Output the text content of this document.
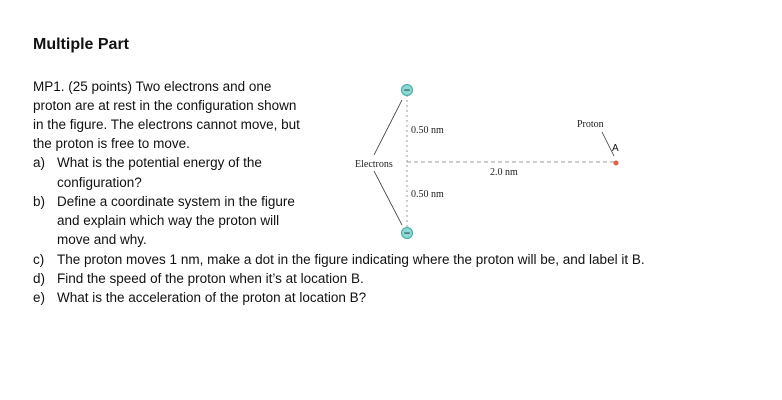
Multiple Part
MP1. (25 points) Two electrons and one
proton are at rest in the configuration shown
in the figure. The electrons cannot move, but
the proton is free to move.
a) What is the potential energy of the
configuration?
b) Define a coordinate system in the figure
and explain which way the proton will
move and why.
c) The proton moves 1 nm, make a dot in the figure indicating where the proton will be, and label it B.
d) Find the speed of the proton when it’s at location B.
e) What is the acceleration of the proton at location B?
−
−
0.50 nm
0.50 nm
2.0 nm
Electrons
Proton
A
